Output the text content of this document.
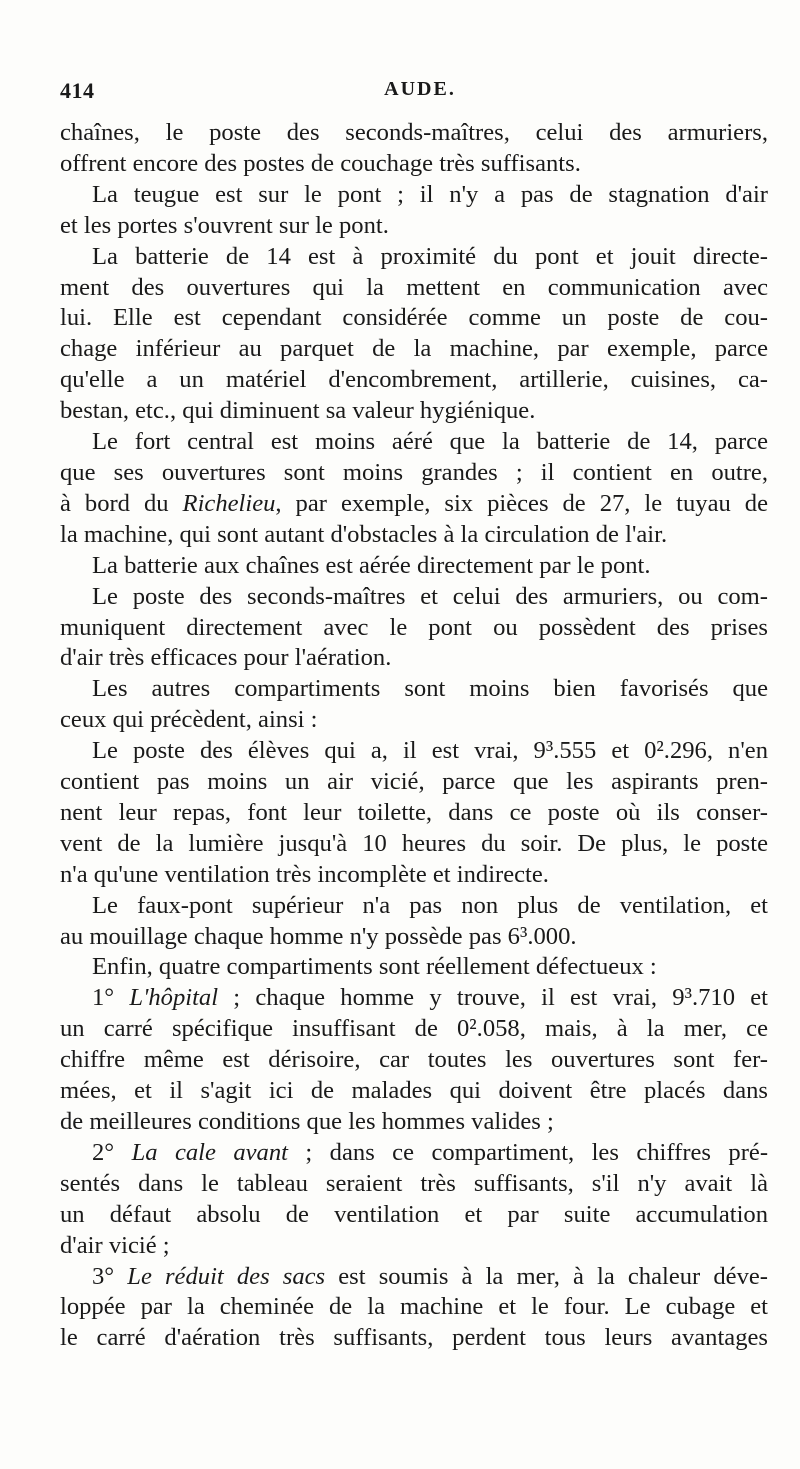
414	AUDE.
chaînes, le poste des seconds-maîtres, celui des armuriers,
offrent encore des postes de couchage très suffisants.
La teugue est sur le pont ; il n'y a pas de stagnation d'air
et les portes s'ouvrent sur le pont.
La batterie de 14 est à proximité du pont et jouit directe-
ment des ouvertures qui la mettent en communication avec
lui. Elle est cependant considérée comme un poste de cou-
chage inférieur au parquet de la machine, par exemple, parce
qu'elle a un matériel d'encombrement, artillerie, cuisines, ca-
bestan, etc., qui diminuent sa valeur hygiénique.
Le fort central est moins aéré que la batterie de 14, parce
que ses ouvertures sont moins grandes ; il contient en outre,
à bord du Richelieu, par exemple, six pièces de 27, le tuyau de
la machine, qui sont autant d'obstacles à la circulation de l'air.
La batterie aux chaînes est aérée directement par le pont.
Le poste des seconds-maîtres et celui des armuriers, ou com-
muniquent directement avec le pont ou possèdent des prises
d'air très efficaces pour l'aération.
Les autres compartiments sont moins bien favorisés que
ceux qui précèdent, ainsi :
Le poste des élèves qui a, il est vrai, 9³.555 et 0².296, n'en
contient pas moins un air vicié, parce que les aspirants pren-
nent leur repas, font leur toilette, dans ce poste où ils conser-
vent de la lumière jusqu'à 10 heures du soir. De plus, le poste
n'a qu'une ventilation très incomplète et indirecte.
Le faux-pont supérieur n'a pas non plus de ventilation, et
au mouillage chaque homme n'y possède pas 6³.000.
Enfin, quatre compartiments sont réellement défectueux :
1° L'hôpital ; chaque homme y trouve, il est vrai, 9³.710 et
un carré spécifique insuffisant de 0².058, mais, à la mer, ce
chiffre même est dérisoire, car toutes les ouvertures sont fer-
mées, et il s'agit ici de malades qui doivent être placés dans
de meilleures conditions que les hommes valides ;
2° La cale avant ; dans ce compartiment, les chiffres pré-
sentés dans le tableau seraient très suffisants, s'il n'y avait là
un défaut absolu de ventilation et par suite accumulation
d'air vicié ;
3° Le réduit des sacs est soumis à la mer, à la chaleur déve-
loppée par la cheminée de la machine et le four. Le cubage et
le carré d'aération très suffisants, perdent tous leurs avantages
